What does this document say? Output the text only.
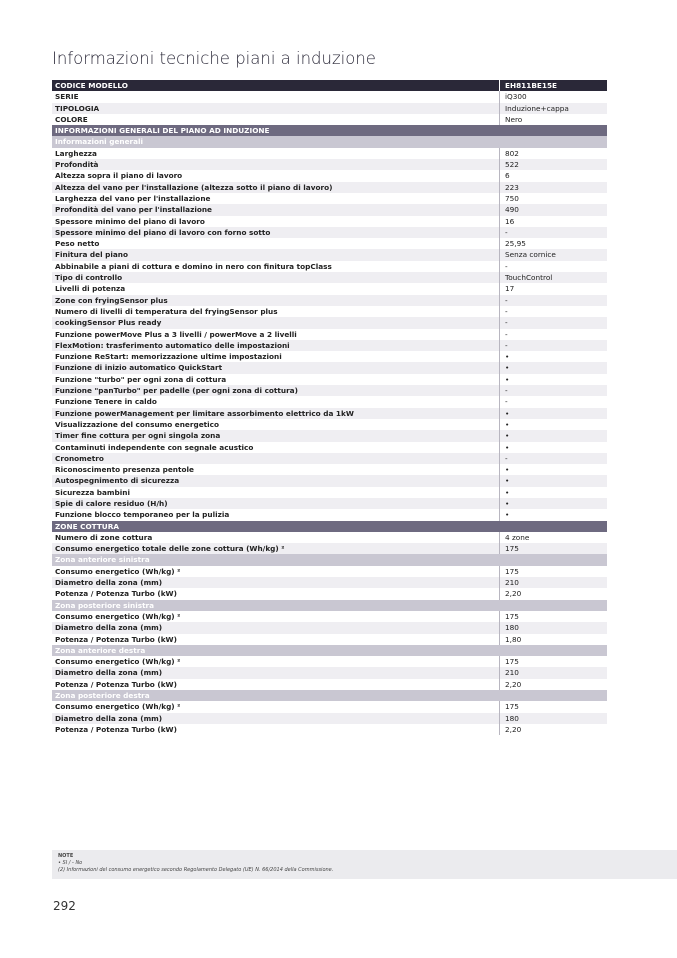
Informazioni tecniche piani a induzione
CODICE MODELLO	EH811BE15E
SERIE	iQ300
TIPOLOGIA	Induzione+cappa
COLORE	Nero
INFORMAZIONI GENERALI DEL PIANO AD INDUZIONE
Informazioni generali
Larghezza	802
Profondità	522
Altezza sopra il piano di lavoro	6
Altezza del vano per l'installazione (altezza sotto il piano di lavoro)	223
Larghezza del vano per l'installazione	750
Profondità del vano per l'installazione	490
Spessore minimo del piano di lavoro	16
Spessore minimo del piano di lavoro con forno sotto	-
Peso netto	25,95
Finitura del piano	Senza cornice
Abbinabile a piani di cottura e domino in nero con finitura topClass	-
Tipo di controllo	TouchControl
Livelli di potenza	17
Zone con fryingSensor plus	-
Numero di livelli di temperatura del fryingSensor plus	-
cookingSensor Plus ready	-
Funzione powerMove Plus a 3 livelli / powerMove a 2 livelli	-
FlexMotion: trasferimento automatico delle impostazioni	-
Funzione ReStart: memorizzazione ultime impostazioni	•
Funzione di inizio automatico QuickStart	•
Funzione "turbo" per ogni zona di cottura	•
Funzione "panTurbo" per padelle (per ogni zona di cottura)	-
Funzione Tenere in caldo	-
Funzione powerManagement per limitare assorbimento elettrico da 1kW	•
Visualizzazione del consumo energetico	•
Timer fine cottura per ogni singola zona	•
Contaminuti independente con segnale acustico	•
Cronometro	-
Riconoscimento presenza pentole	•
Autospegnimento di sicurezza	•
Sicurezza bambini	•
Spie di calore residuo (H/h)	•
Funzione blocco temporaneo per la pulizia	•
ZONE COTTURA
Numero di zone cottura	4 zone
Consumo energetico totale delle zone cottura (Wh/kg) ²	175
Zona anteriore sinistra
Consumo energetico (Wh/kg) ²	175
Diametro della zona (mm)	210
Potenza / Potenza Turbo (kW)	2,20
Zona posteriore sinistra
Consumo energetico (Wh/kg) ²	175
Diametro della zona (mm)	180
Potenza / Potenza Turbo (kW)	1,80
Zona anteriore destra
Consumo energetico (Wh/kg) ²	175
Diametro della zona (mm)	210
Potenza / Potenza Turbo (kW)	2,20
Zona posteriore destra
Consumo energetico (Wh/kg) ²	175
Diametro della zona (mm)	180
Potenza / Potenza Turbo (kW)	2,20
NOTE
• SI / - No
(2) Informazioni del consumo energetico secondo Regolamento Delegato (UE) N. 66/2014 della Commissione.
292
